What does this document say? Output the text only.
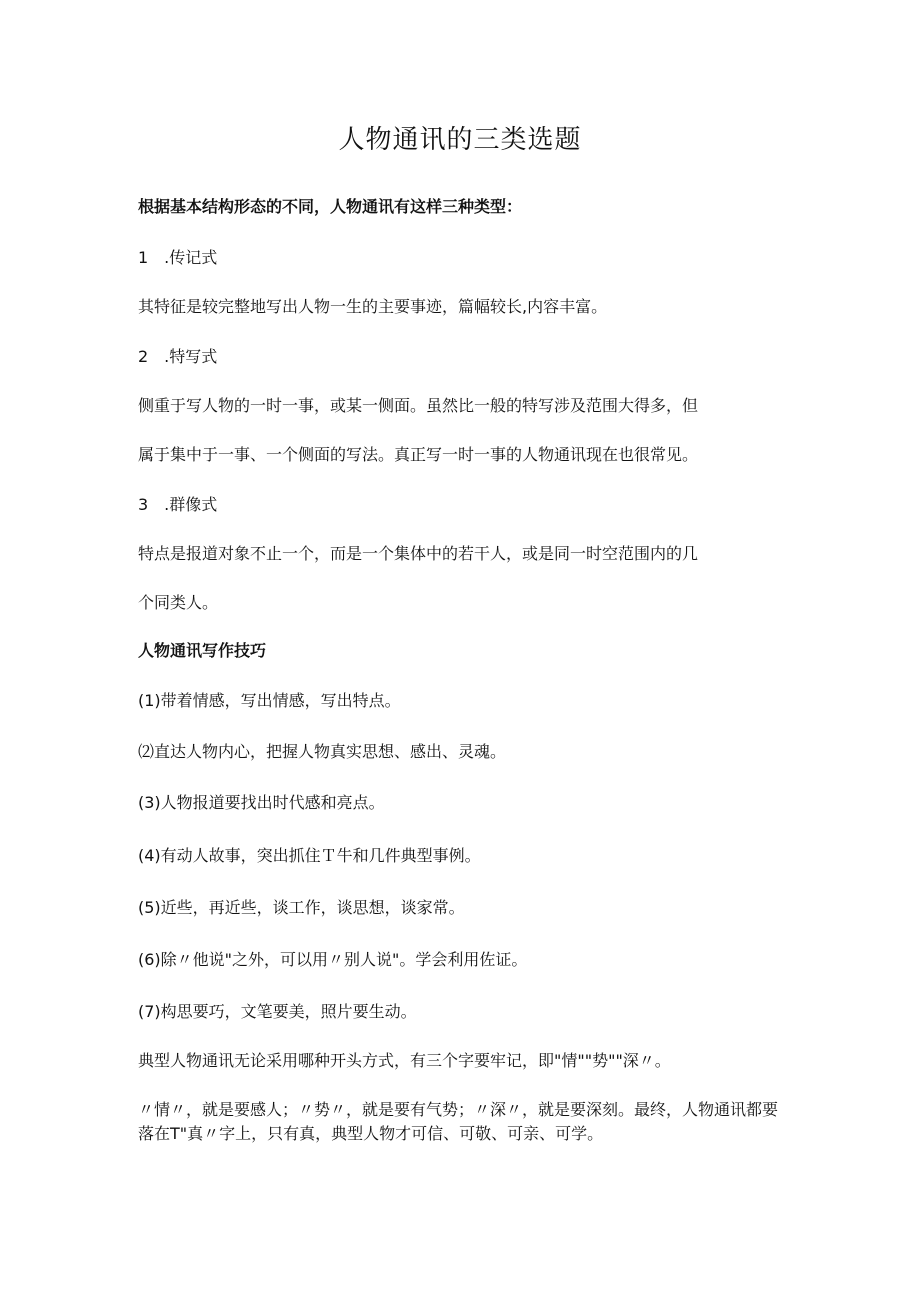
人物通讯的三类选题

根据基本结构形态的不同，人物通讯有这样三种类型：

1　.传记式

其特征是较完整地写出人物一生的主要事迹，篇幅较长,内容丰富。

2　.特写式

侧重于写人物的一时一事，或某一侧面。虽然比一般的特写涉及范围大得多，但

属于集中于一事、一个侧面的写法。真正写一时一事的人物通讯现在也很常见。

3　.群像式

特点是报道对象不止一个，而是一个集体中的若干人，或是同一时空范围内的几

个同类人。

人物通讯写作技巧

(1)带着情感，写出情感，写出特点。

⑵直达人物内心，把握人物真实思想、感出、灵魂。

(3)人物报道要找出时代感和亮点。

(4)有动人故事，突出抓住Ｔ牛和几件典型事例。

(5)近些，再近些，谈工作，谈思想，谈家常。

(6)除〃他说"之外，可以用〃别人说"。学会利用佐证。

(7)构思要巧，文笔要美，照片要生动。

典型人物通讯无论采用哪种开头方式，有三个字要牢记，即"情""势""深〃。

〃情〃，就是要感人；〃势〃，就是要有气势；〃深〃，就是要深刻。最终，人物通讯都要落在T"真〃字上，只有真，典型人物才可信、可敬、可亲、可学。
